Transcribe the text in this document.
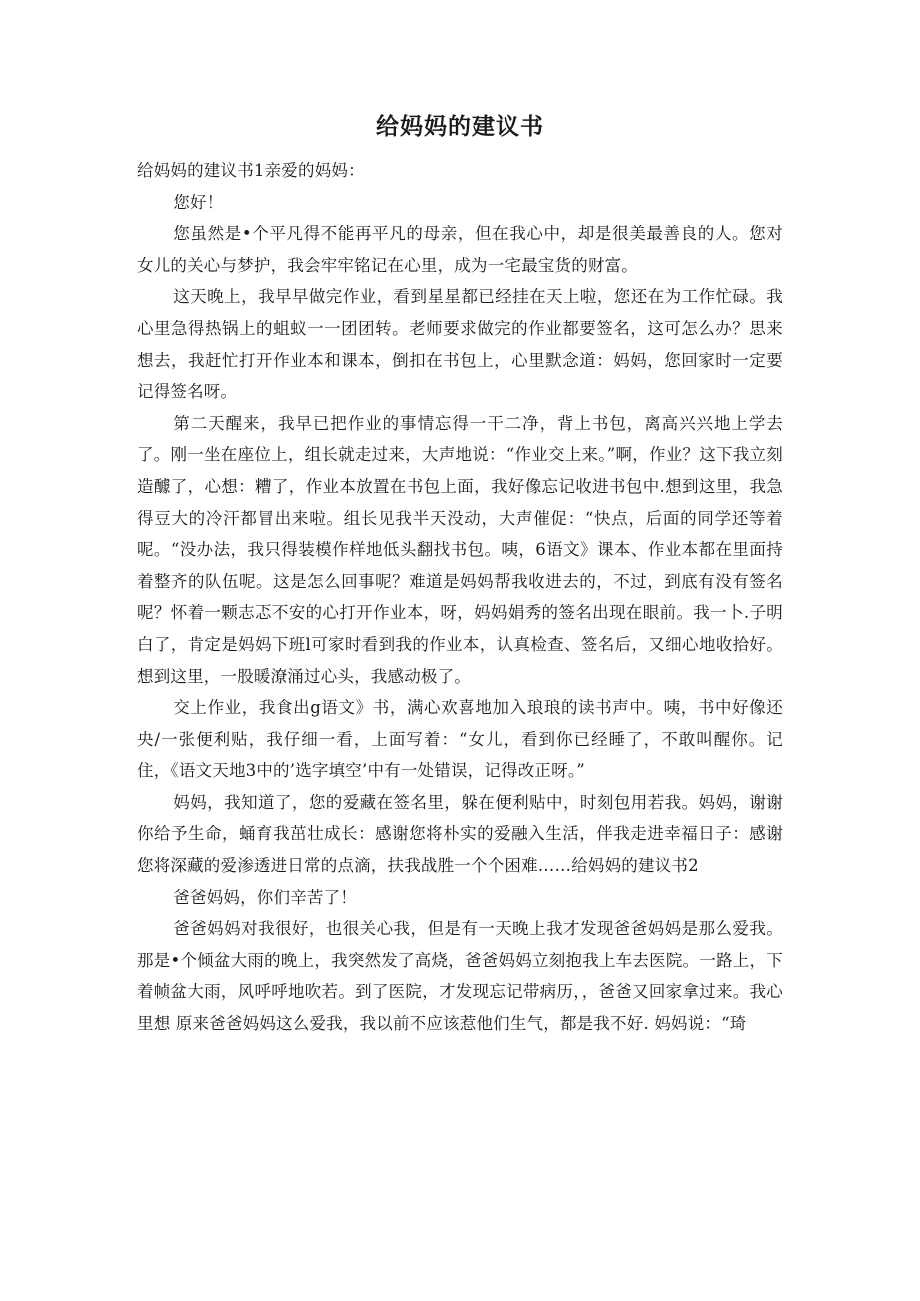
给妈妈的建议书

给妈妈的建议书1亲爱的妈妈：

您好！

您虽然是•个平凡得不能再平凡的母亲，但在我心中，却是很美最善良的人。您对女儿的关心与梦护，我会牢牢铭记在心里，成为一宅最宝货的财富。

这天晚上，我早早做完作业，看到星星都已经挂在天上啦，您还在为工作忙碌。我心里急得热锅上的蛆蚁一一团团转。老师要求做完的作业都要签名，这可怎么办？思来想去，我赶忙打开作业本和课本，倒扣在书包上，心里默念道：妈妈，您回家时一定要记得签名呀。

第二天醒来，我早已把作业的事情忘得一干二净，背上书包，离高兴兴地上学去了。刚一坐在座位上，组长就走过来，大声地说：“作业交上来。”啊，作业？这下我立刻造醵了，心想：糟了，作业本放置在书包上面，我好像忘记收进书包中.想到这里，我急得豆大的冷汗都冒出来啦。组长见我半天没动，大声催促：“快点，后面的同学还等着呢。“没办法，我只得装模作样地低头翻找书包。咦，6语文》课本、作业本都在里面持着整齐的队伍呢。这是怎么回事呢？难道是妈妈帮我收进去的，不过，到底有没有签名呢？怀着一颗志忑不安的心打开作业本，呀，妈妈娟秀的签名出现在眼前。我一卜.子明白了，肯定是妈妈下班l可家时看到我的作业本，认真检查、签名后，又细心地收拾好。想到这里，一股暖潦涌过心头，我感动极了。

交上作业，我食出g语文》书，满心欢喜地加入琅琅的读书声中。咦，书中好像还央/一张便利贴，我仔细一看，上面写着：“女儿，看到你已经睡了，不敢叫醒你。记住，《语文天地3中的’选字填空’中有一处错误，记得改正呀。”

妈妈，我知道了，您的爱藏在签名里，躲在便利贴中，时刻包用若我。妈妈，谢谢你给予生命，蛹育我茁壮成长：感谢您将朴实的爱融入生活，伴我走进幸福日子：感谢您将深藏的爱渗透进日常的点滴，扶我战胜一个个困难……给妈妈的建议书2

爸爸妈妈，你们辛苦了！

爸爸妈妈对我很好，也很关心我，但是有一天晚上我才发现爸爸妈妈是那么爱我。那是•个倾盆大雨的晚上，我突然发了高烧，爸爸妈妈立刻抱我上车去医院。一路上，下着帧盆大雨，风呼呼地吹若。到了医院，才发现忘记带病历，，爸爸又回家拿过来。我心里想 原来爸爸妈妈这么爱我，我以前不应该惹他们生气，都是我不好. 妈妈说：“琦
